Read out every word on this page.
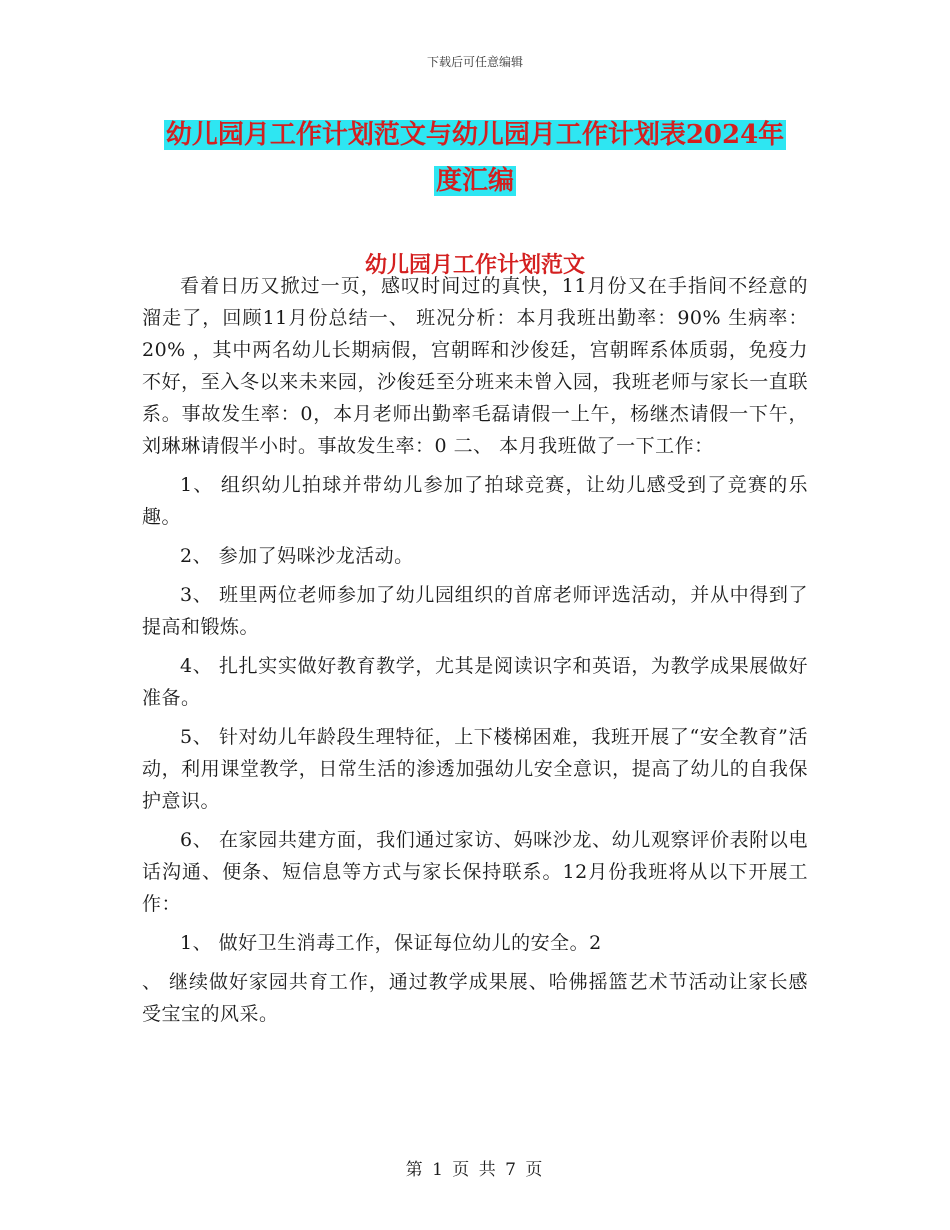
下载后可任意编辑
幼儿园月工作计划范文与幼儿园月工作计划表2024年
度汇编
幼儿园月工作计划范文

看着日历又掀过一页，感叹时间过的真快，11月份又在手指间不经意的溜走了，回顾11月份总结一、 班况分析：本月我班出勤率：90% 生病率：20% ，其中两名幼儿长期病假，宫朝晖和沙俊廷，宫朝晖系体质弱，免疫力不好，至入冬以来未来园，沙俊廷至分班来未曾入园，我班老师与家长一直联系。事故发生率：0，本月老师出勤率毛磊请假一上午，杨继杰请假一下午，刘琳琳请假半小时。事故发生率：0 二、 本月我班做了一下工作：

1、 组织幼儿拍球并带幼儿参加了拍球竞赛，让幼儿感受到了竞赛的乐趣。

2、 参加了妈咪沙龙活动。

3、 班里两位老师参加了幼儿园组织的首席老师评选活动，并从中得到了提高和锻炼。

4、 扎扎实实做好教育教学，尤其是阅读识字和英语，为教学成果展做好准备。

5、 针对幼儿年龄段生理特征，上下楼梯困难，我班开展了“安全教育”活动，利用课堂教学，日常生活的渗透加强幼儿安全意识，提高了幼儿的自我保护意识。

6、 在家园共建方面，我们通过家访、妈咪沙龙、幼儿观察评价表附以电话沟通、便条、短信息等方式与家长保持联系。12月份我班将从以下开展工作：

1、 做好卫生消毒工作，保证每位幼儿的安全。2

、 继续做好家园共育工作，通过教学成果展、哈佛摇篮艺术节活动让家长感受宝宝的风采。

第 1 页 共 7 页
